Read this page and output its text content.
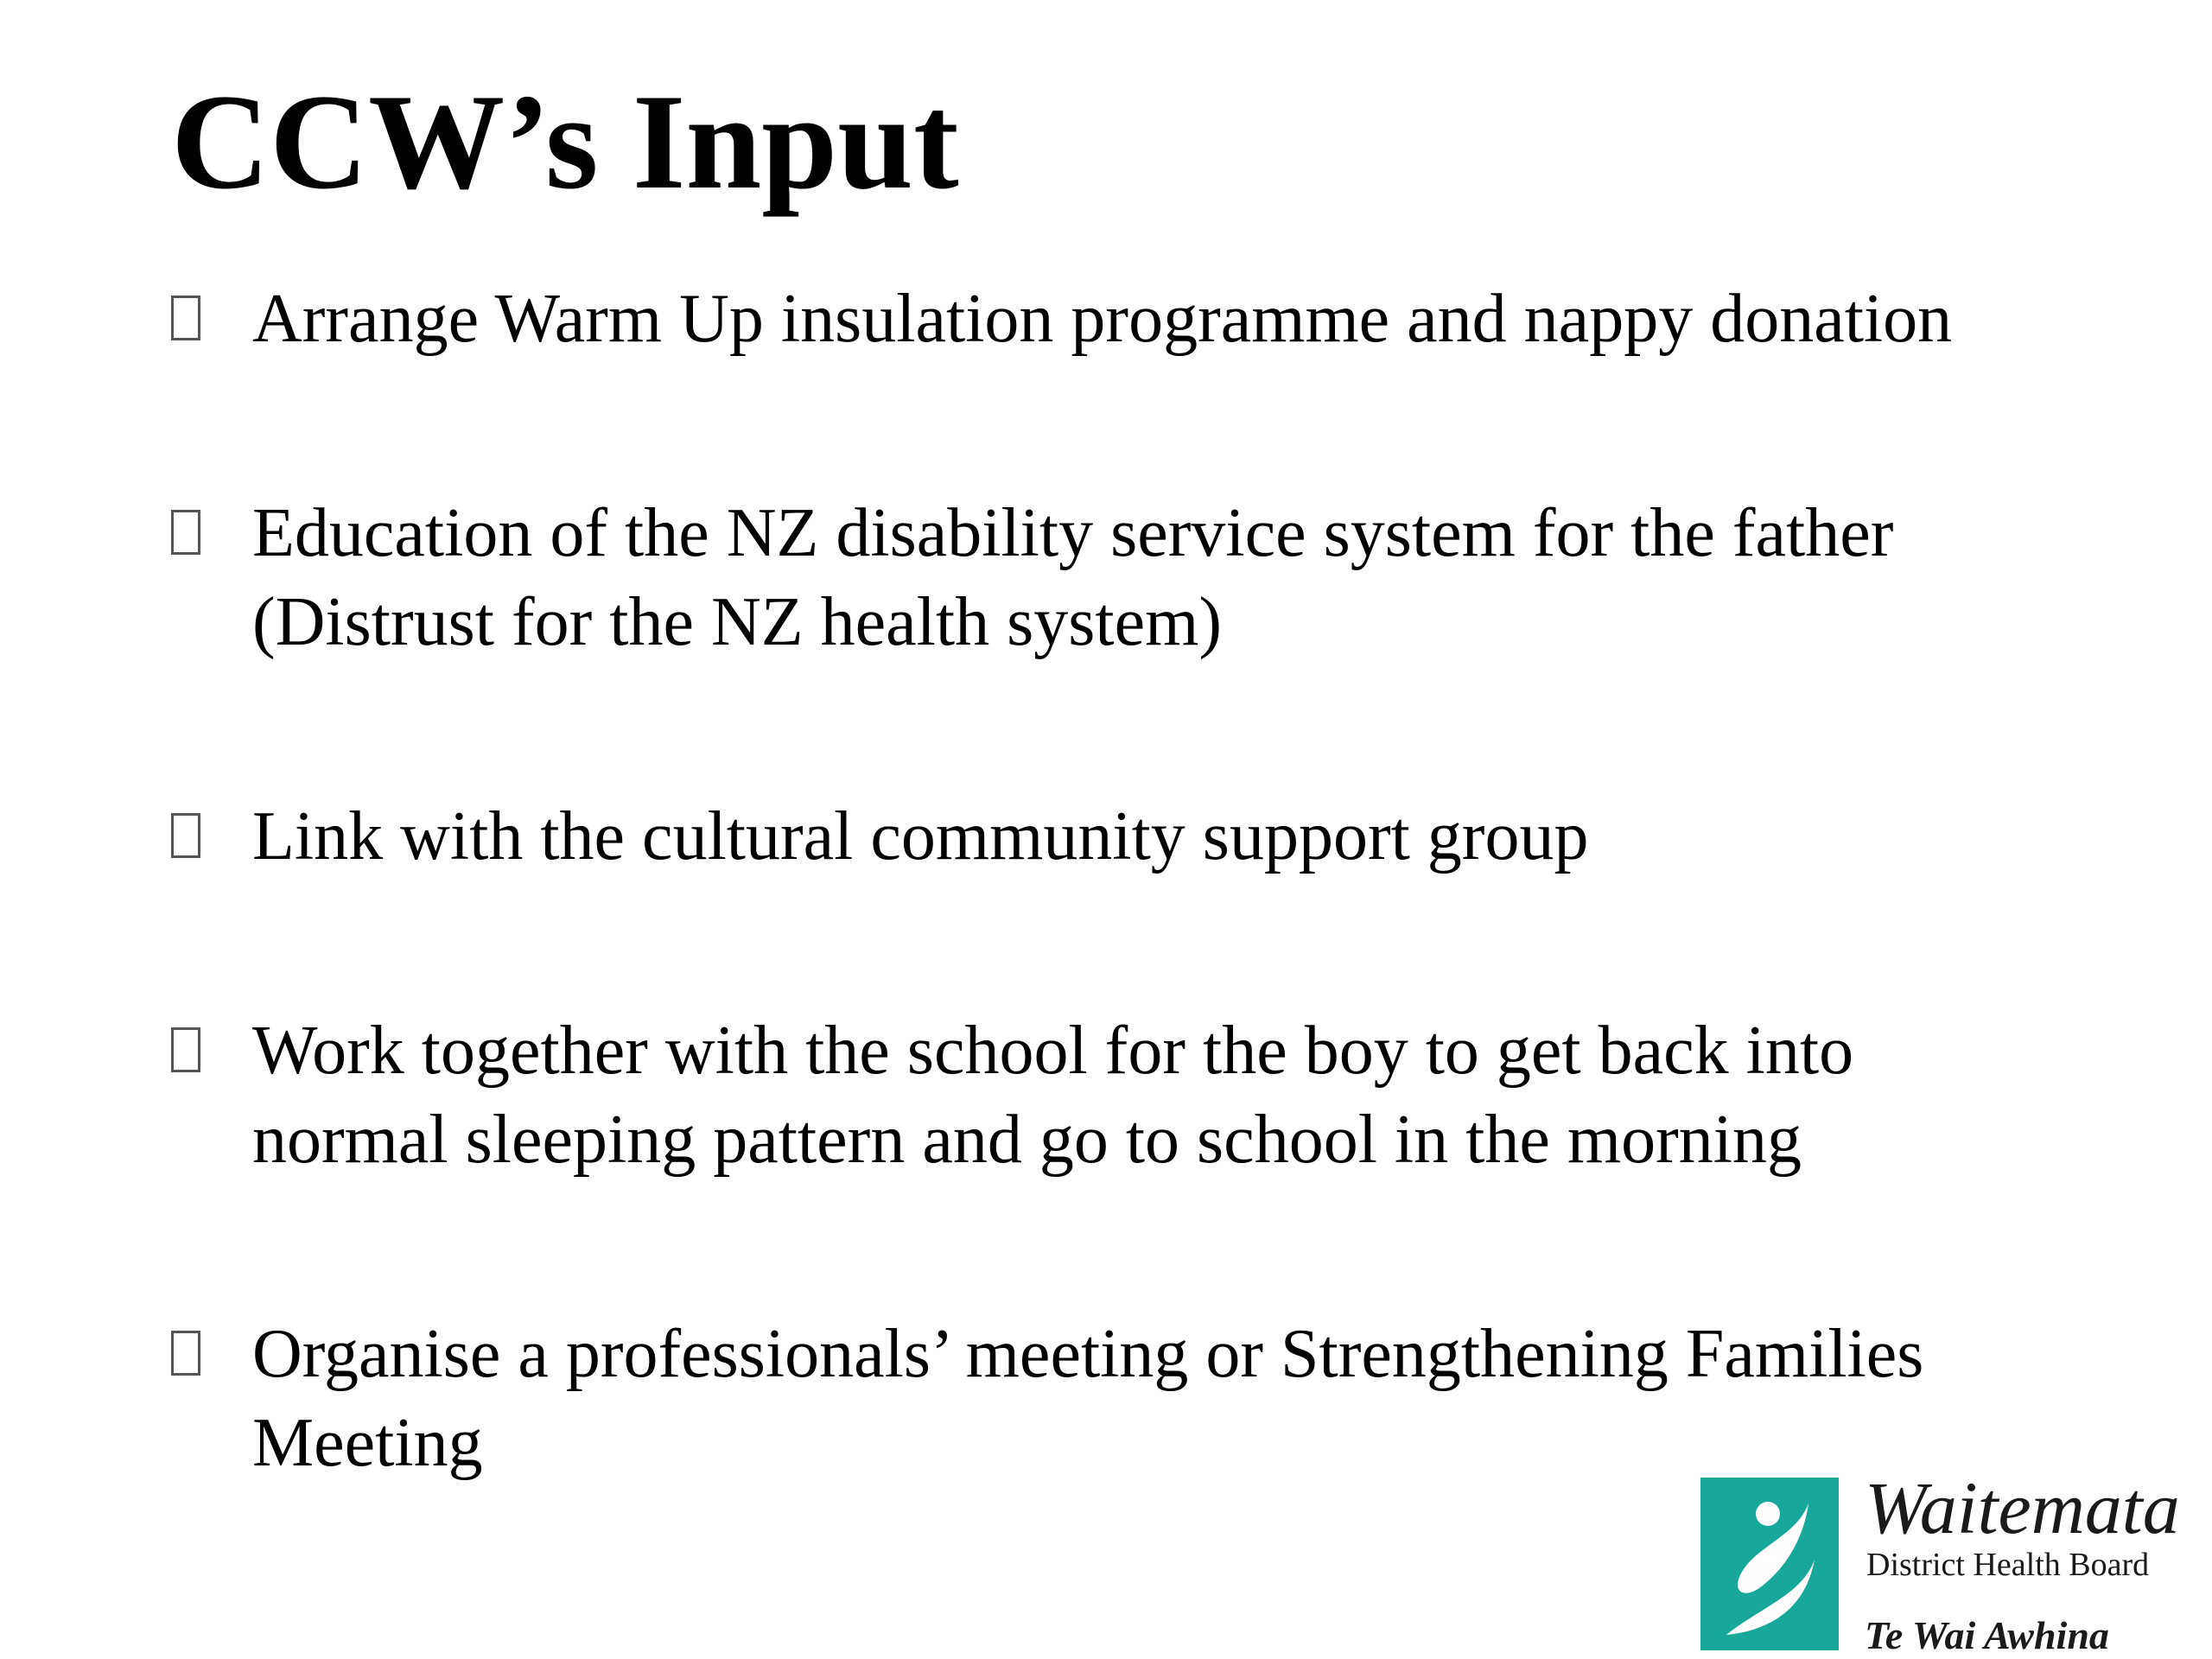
CCW’s Input
Arrange Warm Up insulation programme and nappy donation
Education of the NZ disability service system for the father (Distrust for the NZ health system)
Link with the cultural community support group
Work together with the school for the boy to get back into normal sleeping pattern and go to school in the morning
Organise a professionals’ meeting or Strengthening Families Meeting
Waitemata
District Health Board
Te Wai Awhina
